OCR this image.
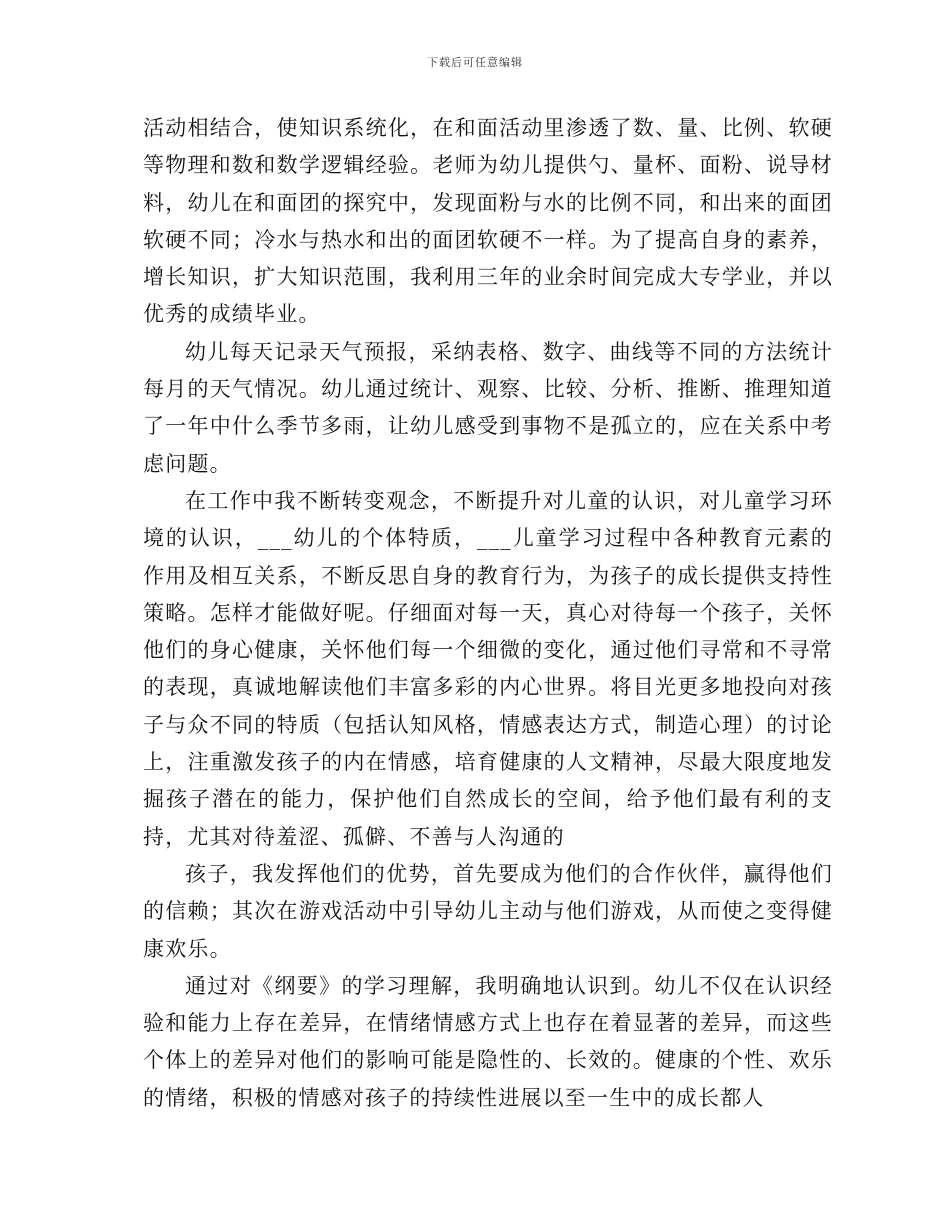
下载后可任意编辑

活动相结合，使知识系统化，在和面活动里渗透了数、量、比例、软硬等物理和数和数学逻辑经验。老师为幼儿提供勺、量杯、面粉、说导材料，幼儿在和面团的探究中，发现面粉与水的比例不同，和出来的面团软硬不同；冷水与热水和出的面团软硬不一样。为了提高自身的素养，增长知识，扩大知识范围，我利用三年的业余时间完成大专学业，并以优秀的成绩毕业。

幼儿每天记录天气预报，采纳表格、数字、曲线等不同的方法统计每月的天气情况。幼儿通过统计、观察、比较、分析、推断、推理知道了一年中什么季节多雨，让幼儿感受到事物不是孤立的，应在关系中考虑问题。

在工作中我不断转变观念，不断提升对儿童的认识，对儿童学习环境的认识，___幼儿的个体特质，___儿童学习过程中各种教育元素的作用及相互关系，不断反思自身的教育行为，为孩子的成长提供支持性策略。怎样才能做好呢。仔细面对每一天，真心对待每一个孩子，关怀他们的身心健康，关怀他们每一个细微的变化，通过他们寻常和不寻常的表现，真诚地解读他们丰富多彩的内心世界。将目光更多地投向对孩子与众不同的特质（包括认知风格，情感表达方式，制造心理）的讨论上，注重激发孩子的内在情感，培育健康的人文精神，尽最大限度地发掘孩子潜在的能力，保护他们自然成长的空间，给予他们最有利的支持，尤其对待羞涩、孤僻、不善与人沟通的

孩子，我发挥他们的优势，首先要成为他们的合作伙伴，赢得他们的信赖；其次在游戏活动中引导幼儿主动与他们游戏，从而使之变得健康欢乐。

通过对《纲要》的学习理解，我明确地认识到。幼儿不仅在认识经验和能力上存在差异，在情绪情感方式上也存在着显著的差异，而这些个体上的差异对他们的影响可能是隐性的、长效的。健康的个性、欢乐的情绪，积极的情感对孩子的持续性进展以至一生中的成长都人
